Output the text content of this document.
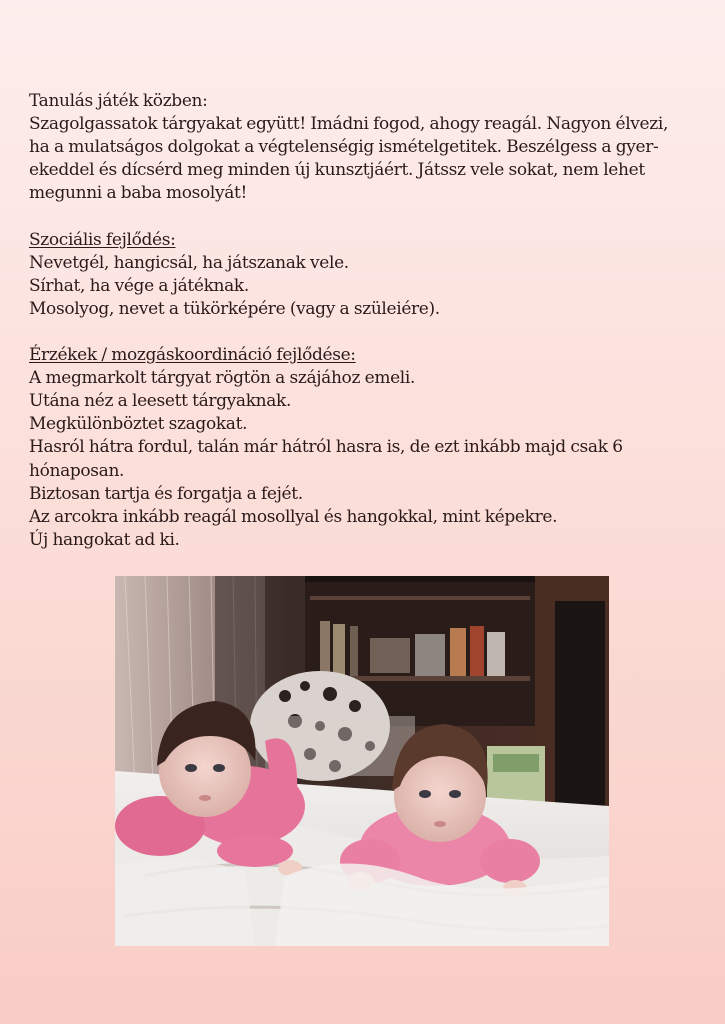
Tanulás játék közben:
Szagolgassatok tárgyakat együtt! Imádni fogod, ahogy reagál. Nagyon élvezi,
ha a mulatságos dolgokat a végtelenségig ismételgetitek. Beszélgess a gyer-
ekeddel és dícsérd meg minden új kunsztjáért. Játssz vele sokat, nem lehet
megunni a baba mosolyát!
Szociális fejlődés:
Nevetgél, hangicsál, ha játszanak vele.
Sírhat, ha vége a játéknak.
Mosolyog, nevet a tükörképére (vagy a szüleiére).
Érzékek / mozgáskoordináció fejlődése:
A megmarkolt tárgyat rögtön a szájához emeli.
Utána néz a leesett tárgyaknak.
Megkülönböztet szagokat.
Hasról hátra fordul, talán már hátról hasra is, de ezt inkább majd csak 6
hónaposan.
Biztosan tartja és forgatja a fejét.
Az arcokra inkább reagál mosollyal és hangokkal, mint képekre.
Új hangokat ad ki.
